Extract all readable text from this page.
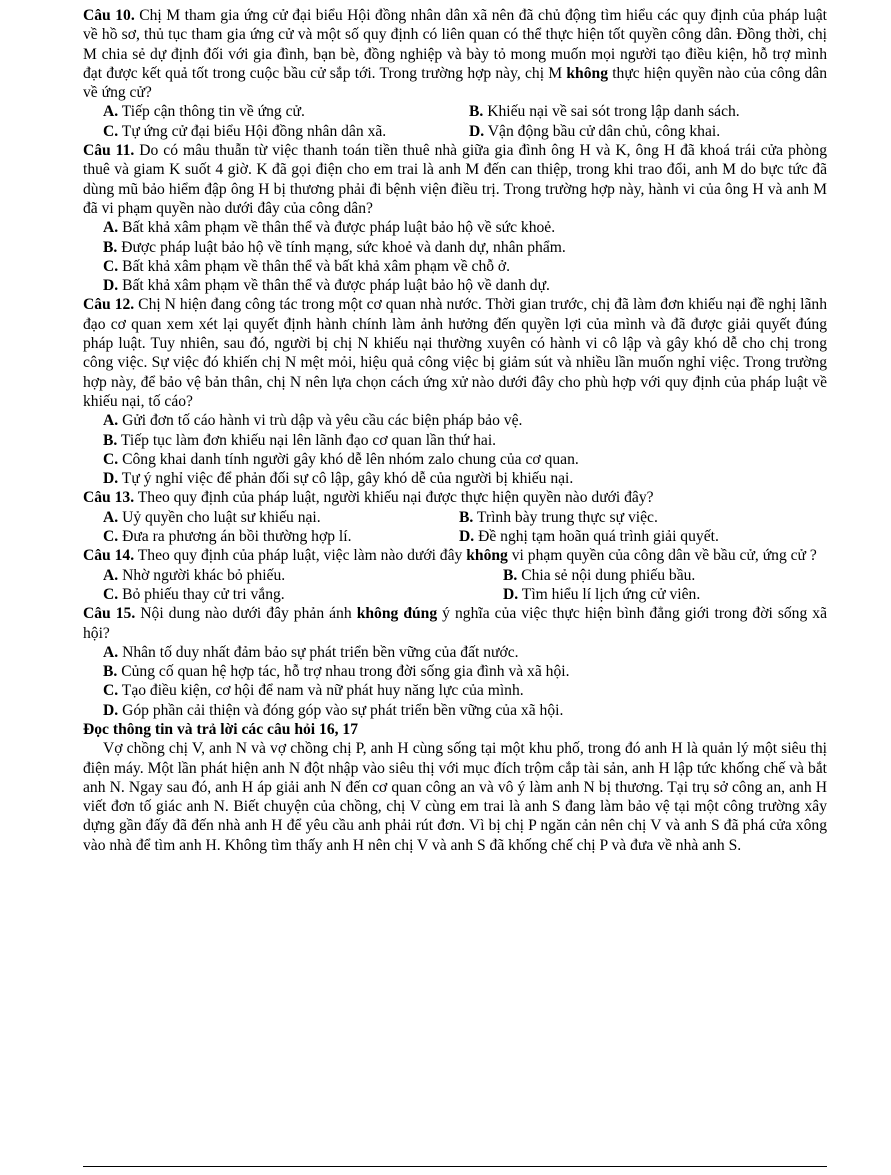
Câu 10. Chị M tham gia ứng cử đại biểu Hội đồng nhân dân xã nên đã chủ động tìm hiểu các quy định của pháp luật về hồ sơ, thủ tục tham gia ứng cử và một số quy định có liên quan có thể thực hiện tốt quyền công dân. Đồng thời, chị M chia sẻ dự định đối với gia đình, bạn bè, đồng nghiệp và bày tỏ mong muốn mọi người tạo điều kiện, hỗ trợ mình đạt được kết quả tốt trong cuộc bầu cử sắp tới. Trong trường hợp này, chị M không thực hiện quyền nào của công dân về ứng cử?
A. Tiếp cận thông tin về ứng cử.	B. Khiếu nại về sai sót trong lập danh sách.
C. Tự ứng cử đại biểu Hội đồng nhân dân xã.	D. Vận động bầu cử dân chủ, công khai.
Câu 11. Do có mâu thuẫn từ việc thanh toán tiền thuê nhà giữa gia đình ông H và K, ông H đã khoá trái cửa phòng thuê và giam K suốt 4 giờ. K đã gọi điện cho em trai là anh M đến can thiệp, trong khi trao đổi, anh M do bực tức đã dùng mũ bảo hiểm đập ông H bị thương phải đi bệnh viện điều trị. Trong trường hợp này, hành vi của ông H và anh M đã vi phạm quyền nào dưới đây của công dân?
A. Bất khả xâm phạm về thân thể và được pháp luật bảo hộ về sức khoẻ.
B. Được pháp luật bảo hộ về tính mạng, sức khoẻ và danh dự, nhân phẩm.
C. Bất khả xâm phạm về thân thể và bất khả xâm phạm về chỗ ở.
D. Bất khả xâm phạm về thân thể và được pháp luật bảo hộ về danh dự.
Câu 12. Chị N hiện đang công tác trong một cơ quan nhà nước. Thời gian trước, chị đã làm đơn khiếu nại đề nghị lãnh đạo cơ quan xem xét lại quyết định hành chính làm ảnh hưởng đến quyền lợi của mình và đã được giải quyết đúng pháp luật. Tuy nhiên, sau đó, người bị chị N khiếu nại thường xuyên có hành vi cô lập và gây khó dễ cho chị trong công việc. Sự việc đó khiến chị N mệt mỏi, hiệu quả công việc bị giảm sút và nhiều lần muốn nghỉ việc. Trong trường hợp này, để bảo vệ bản thân, chị N nên lựa chọn cách ứng xử nào dưới đây cho phù hợp với quy định của pháp luật về khiếu nại, tố cáo?
A. Gửi đơn tố cáo hành vi trù dập và yêu cầu các biện pháp bảo vệ.
B. Tiếp tục làm đơn khiếu nại lên lãnh đạo cơ quan lần thứ hai.
C. Công khai danh tính người gây khó dễ lên nhóm zalo chung của cơ quan.
D. Tự ý nghỉ việc để phản đối sự cô lập, gây khó dễ của người bị khiếu nại.
Câu 13. Theo quy định của pháp luật, người khiếu nại được thực hiện quyền nào dưới đây?
A. Uỷ quyền cho luật sư khiếu nại.	B. Trình bày trung thực sự việc.
C. Đưa ra phương án bồi thường hợp lí.	D. Đề nghị tạm hoãn quá trình giải quyết.
Câu 14. Theo quy định của pháp luật, việc làm nào dưới đây không vi phạm quyền của công dân về bầu cử, ứng cử ?
A. Nhờ người khác bỏ phiếu.	B. Chia sẻ nội dung phiếu bầu.
C. Bỏ phiếu thay cử tri vắng.	D. Tìm hiểu lí lịch ứng cử viên.
Câu 15. Nội dung nào dưới đây phản ánh không đúng ý nghĩa của việc thực hiện bình đẳng giới trong đời sống xã hội?
A. Nhân tố duy nhất đảm bảo sự phát triển bền vững của đất nước.
B. Củng cố quan hệ hợp tác, hỗ trợ nhau trong đời sống gia đình và xã hội.
C. Tạo điều kiện, cơ hội để nam và nữ phát huy năng lực của mình.
D. Góp phần cải thiện và đóng góp vào sự phát triển bền vững của xã hội.
Đọc thông tin và trả lời các câu hỏi 16, 17
Vợ chồng chị V, anh N và vợ chồng chị P, anh H cùng sống tại một khu phố, trong đó anh H là quản lý một siêu thị điện máy. Một lần phát hiện anh N đột nhập vào siêu thị với mục đích trộm cắp tài sản, anh H lập tức khống chế và bắt anh N. Ngay sau đó, anh H áp giải anh N đến cơ quan công an và vô ý làm anh N bị thương. Tại trụ sở công an, anh H viết đơn tố giác anh N. Biết chuyện của chồng, chị V cùng em trai là anh S đang làm bảo vệ tại một công trường xây dựng gần đấy đã đến nhà anh H để yêu cầu anh phải rút đơn. Vì bị chị P ngăn cản nên chị V và anh S đã phá cửa xông vào nhà để tìm anh H. Không tìm thấy anh H nên chị V và anh S đã khống chế chị P và đưa về nhà anh S.
